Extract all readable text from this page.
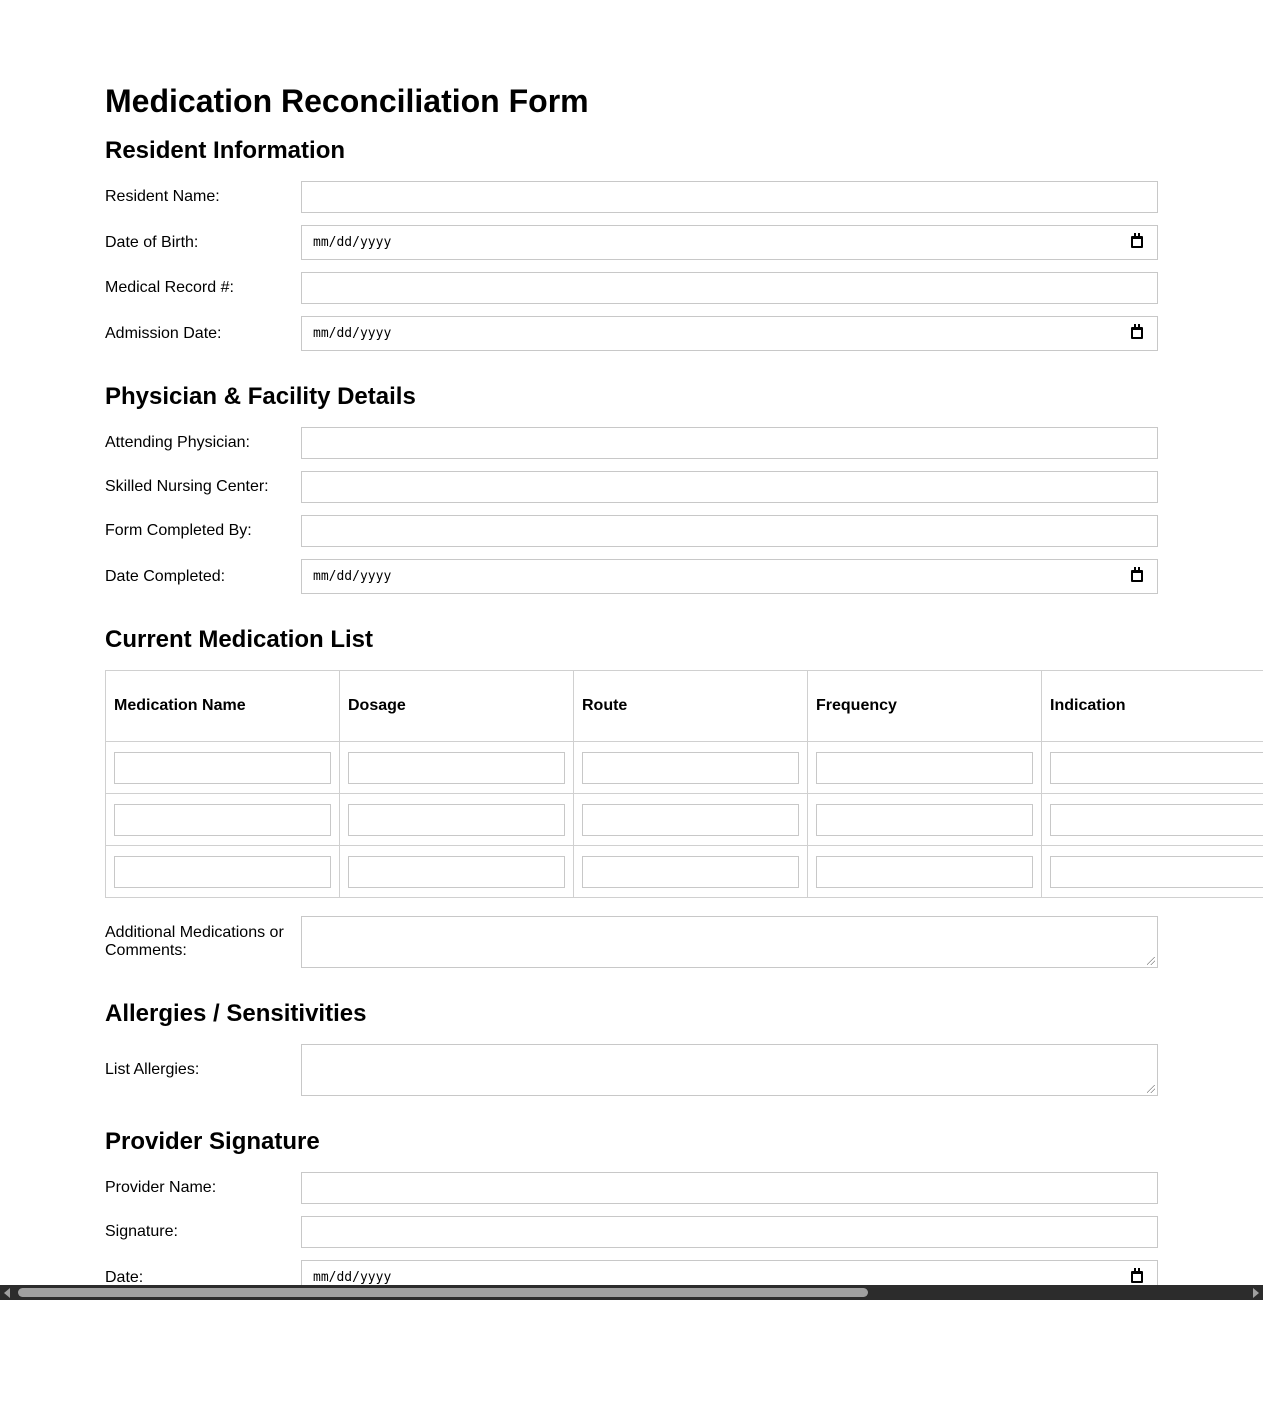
Medication Reconciliation Form
Resident Information
Resident Name:
Date of Birth:	mm/dd/yyyy
Medical Record #:
Admission Date:	mm/dd/yyyy
Physician & Facility Details
Attending Physician:
Skilled Nursing Center:
Form Completed By:
Date Completed:	mm/dd/yyyy
Current Medication List
Medication Name	Dosage	Route	Frequency	Indication

Additional Medications or Comments:
Allergies / Sensitivities
List Allergies:
Provider Signature
Provider Name:
Signature:
Date:	mm/dd/yyyy
